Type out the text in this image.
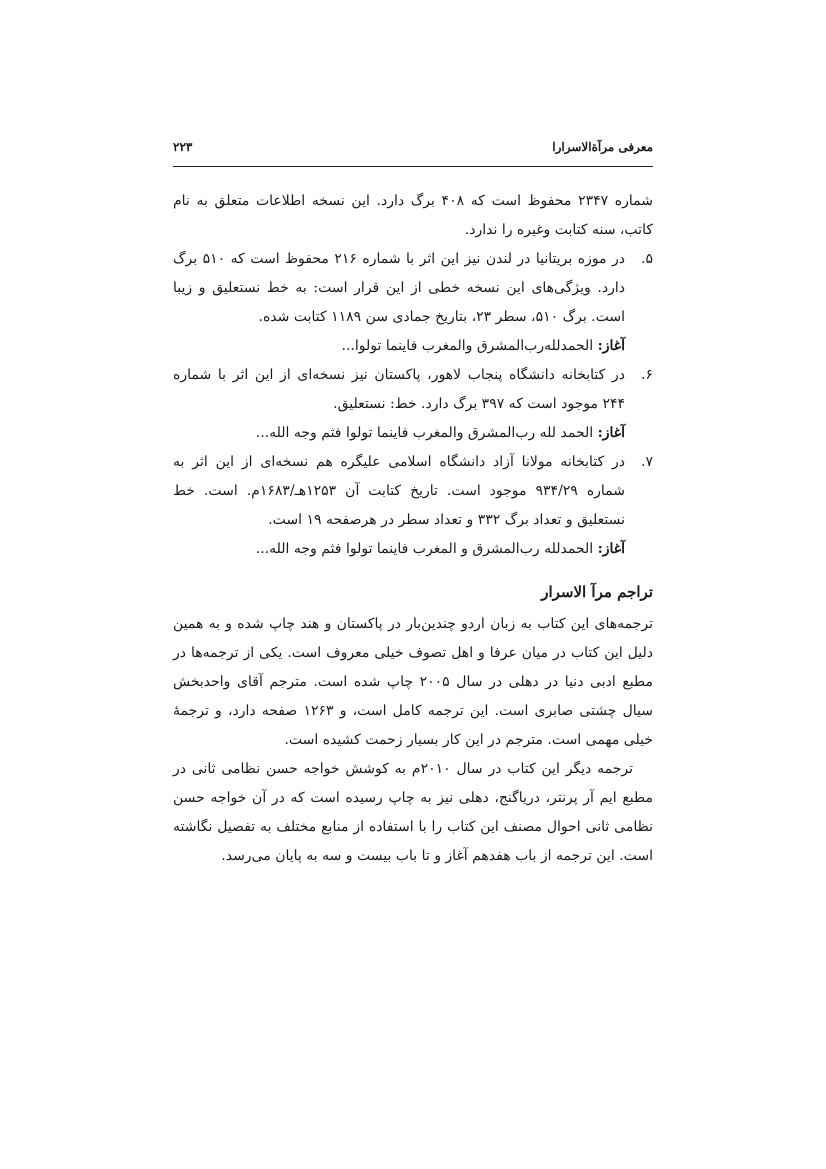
معرفی مرآةالاسرارا
۲۲۳

شماره ۲۳۴۷ محفوظ است که ۴۰۸ برگ دارد. این نسخه اطلاعات متعلق به نام کاتب، سنه کتابت وغیره را ندارد.

۵.
در موزه بریتانیا در لندن نیز این اثر با شماره ۲۱۶ محفوظ است که ۵۱۰ برگ دارد. ویژگی‌های این نسخه خطی از این قرار است: به خط نستعلیق و زیبا است. برگ ۵۱۰، سطر ۲۳، بتاریخ جمادی سن ۱۱۸۹ کتابت شده.

آغاز: الحمدلله‌رب‌المشرق والمغرب فاینما تولوا...

۶.
در کتابخانه دانشگاه پنجاب لاهور، پاکستان نیز نسخه‌ای از این اثر با شماره ۲۴۴ موجود است که ۳۹۷ برگ دارد. خط: نستعلیق.

آغاز: الحمد لله رب‌المشرق والمغرب فاینما تولوا فثم وجه الله...

۷.
در کتابخانه مولانا آزاد دانشگاه اسلامی علیگره هم نسخه‌ای از این اثر به شماره ۹۳۴/۲۹ موجود است. تاریخ کتابت آن ۱۲۵۳هـ/۱۶۸۳م. است. خط نستعلیق و تعداد برگ ۳۳۲ و تعداد سطر در هرصفحه ۱۹ است.

آغاز: الحمدلله رب‌المشرق و المغرب فاینما تولوا فثم وجه الله...

تراجم مرآ الاسرار

ترجمه‌های این کتاب به زبان اردو چندین‌بار در پاکستان و هند چاپ شده و به همین دلیل این کتاب در میان عرفا و اهل تصوف خیلی معروف است. یکی از ترجمه‌ها در مطبع ادبی دنیا در دهلی در سال ۲۰۰۵ چاپ شده است. مترجم آقای واحدبخش سیال چشتی صابری است. این ترجمه کامل است، و ۱۲۶۳ صفحه دارد، و ترجمهٔ خیلی مهمی است. مترجم در این کار بسیار زحمت کشیده است.

ترجمه دیگر این کتاب در سال ۲۰۱۰م به کوشش خواجه حسن نظامی ثانی در مطبع ایم آر پرنتر، دریاگنج، دهلی نیز به چاپ رسیده است که در آن خواجه حسن نظامی ثانی احوال مصنف این کتاب را با استفاده از منابع مختلف به تفصیل نگاشته است. این ترجمه از باب هفدهم آغاز و تا باب بیست و سه به پایان می‌رسد.
